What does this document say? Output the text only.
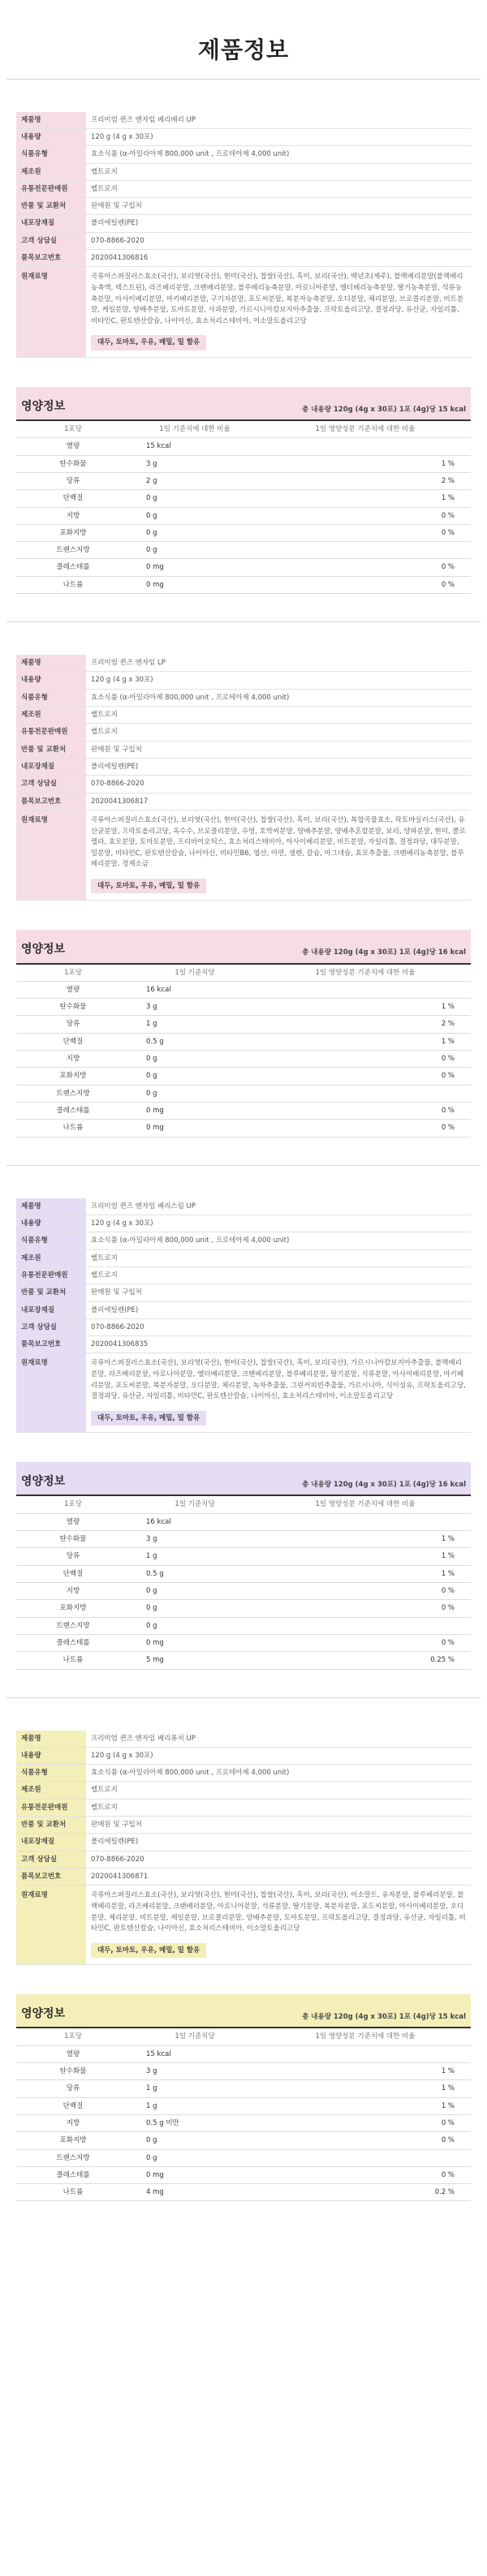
제품정보
제품명	프리미엄 퀸즈 엔자임 베리베리 UP
내용량	120 g (4 g x 30포)
식품유형	효소식품 (α-아밀라아제 800,000 unit , 프로테아제 4,000 unit)
제조원	벨트로지
유통전문판매원	벨트로지
반품 및 교환처	판매원 및 구입처
내포장재질	폴리에틸렌(PE)
고객 상담실	070-8866-2020
품목보고번호	2020041306816
원재료명	곡류아스퍼질러스효소(국산), 보리엿(국산), 현미(국산), 찹쌀(국산), 흑미, 보리(국산), 백년초(제주), 블랙베리분말(블랙베리농축액, 덱스트린), 라즈베리분말, 크랜베리분말, 블루베리농축분말, 아로니아분말, 엘더베리농축분말, 딸기농축분말, 석류농축분말, 아사이베리분말, 마키베리분말, 구기자분말, 포도씨분말, 복분자농축분말, 오디분말, 체리분말, 브로콜리분말, 비트분말, 케일분말, 양배추분말, 토마토분말, 사과분말, 가르시니아캄보지아추출물, 프락토올리고당, 결정과당, 유산균, 자일리톨, 비타민C, 판토텐산칼슘, 나이아신, 효소처리스테비아, 이소말토올리고당
대두, 토마토, 우유, 메밀, 밀 함유
영양정보	총 내용량 120g (4g x 30포) 1포 (4g)당 15 kcal
1포당	1일 기준치에 대한 비율	1일 영양성분 기준치에 대한 비율	
열량	15 kcal		
탄수화물	3 g		1 %
당류	2 g		2 %
단백질	0 g		1 %
지방	0 g		0 %
포화지방	0 g		0 %
트랜스지방	0 g		
콜레스테롤	0 mg		0 %
나트륨	0 mg		0 %
제품명	프리미엄 퀸즈 엔자임 LP
내용량	120 g (4 g x 30포)
식품유형	효소식품 (α-아밀라아제 800,000 unit , 프로테아제 4,000 unit)
제조원	벨트로지
유통전문판매원	벨트로지
반품 및 교환처	판매원 및 구입처
내포장재질	폴리에틸렌(PE)
고객 상담실	070-8866-2020
품목보고번호	2020041306817
원재료명	곡류아스퍼질러스효소(국산), 보리엿(국산), 현미(국산), 찹쌀(국산), 흑미, 보리(국산), 복합곡물효소, 락토바실러스(국산), 유산균분말, 프락토올리고당, 옥수수, 브로콜리분말, 우엉, 호박씨분말, 양배추분말, 양배추혼합분말, 보리, 양파분말, 현미, 클로렐라, 효모분말, 토마토분말, 프리바이오틱스, 효소처리스테비아, 아사이베리분말, 비트분말, 자일리톨, 결정과당, 대두분말, 밀분말, 비타민C, 판토텐산칼슘, 나이아신, 비타민B6, 엽산, 아연, 셀렌, 칼슘, 마그네슘, 효모추출물, 크랜베리농축분말, 블루베리분말, 정제소금
대두, 토마토, 우유, 메밀, 밀 함유
영양정보	총 내용량 120g (4g x 30포) 1포 (4g)당 16 kcal
1포당	1일 기준치당	1일 영양성분 기준치에 대한 비율	
열량	16 kcal		
탄수화물	3 g		1 %
당류	1 g		2 %
단백질	0.5 g		1 %
지방	0 g		0 %
포화지방	0 g		0 %
트랜스지방	0 g		
콜레스테롤	0 mg		0 %
나트륨	0 mg		0 %
제품명	프리미엄 퀸즈 엔자임 베리스림 UP
내용량	120 g (4 g x 30포)
식품유형	효소식품 (α-아밀라아제 800,000 unit , 프로테아제 4,000 unit)
제조원	벨트로지
유통전문판매원	벨트로지
반품 및 교환처	판매원 및 구입처
내포장재질	폴리에틸렌(PE)
고객 상담실	070-8866-2020
품목보고번호	2020041306835
원재료명	곡류아스퍼질러스효소(국산), 보리엿(국산), 현미(국산), 찹쌀(국산), 흑미, 보리(국산), 가르시니아캄보지아추출물, 블랙베리분말, 라즈베리분말, 아로니아분말, 엘더베리분말, 크랜베리분말, 블루베리분말, 딸기분말, 석류분말, 아사이베리분말, 마키베리분말, 포도씨분말, 복분자분말, 오디분말, 체리분말, 녹차추출물, 그린커피빈추출물, 가르시니아, 식이섬유, 프락토올리고당, 결정과당, 유산균, 자일리톨, 비타민C, 판토텐산칼슘, 나이아신, 효소처리스테비아, 이소말토올리고당
대두, 토마토, 우유, 메밀, 밀 함유
영양정보	총 내용량 120g (4g x 30포) 1포 (4g)당 16 kcal
1포당	1일 기준치당	1일 영양성분 기준치에 대한 비율	
열량	16 kcal		
탄수화물	3 g		1 %
당류	1 g		1 %
단백질	0.5 g		1 %
지방	0 g		0 %
포화지방	0 g		0 %
트랜스지방	0 g		
콜레스테롤	0 mg		0 %
나트륨	5 mg		0.25 %
제품명	프리미엄 퀸즈 엔자임 베리퓨처 UP
내용량	120 g (4 g x 30포)
식품유형	효소식품 (α-아밀라아제 800,000 unit , 프로테아제 4,000 unit)
제조원	벨트로지
유통전문판매원	벨트로지
반품 및 교환처	판매원 및 구입처
내포장재질	폴리에틸렌(PE)
고객 상담실	070-8866-2020
품목보고번호	2020041306871
원재료명	곡류아스퍼질러스효소(국산), 보리엿(국산), 현미(국산), 찹쌀(국산), 흑미, 보리(국산), 이소말트, 유자분말, 블루베리분말, 블랙베리분말, 라즈베리분말, 크랜베리분말, 아로니아분말, 석류분말, 딸기분말, 복분자분말, 포도씨분말, 아사이베리분말, 오디분말, 체리분말, 비트분말, 케일분말, 브로콜리분말, 양배추분말, 토마토분말, 프락토올리고당, 결정과당, 유산균, 자일리톨, 비타민C, 판토텐산칼슘, 나이아신, 효소처리스테비아, 이소말토올리고당
대두, 토마토, 우유, 메밀, 밀 함유
영양정보	총 내용량 120g (4g x 30포) 1포 (4g)당 15 kcal
1포당	1일 기준치당	1일 영양성분 기준치에 대한 비율	
열량	15 kcal		
탄수화물	3 g		1 %
당류	1 g		1 %
단백질	1 g		1 %
지방	0.5 g 미만		0 %
포화지방	0 g		0 %
트랜스지방	0 g		
콜레스테롤	0 mg		0 %
나트륨	4 mg		0.2 %
